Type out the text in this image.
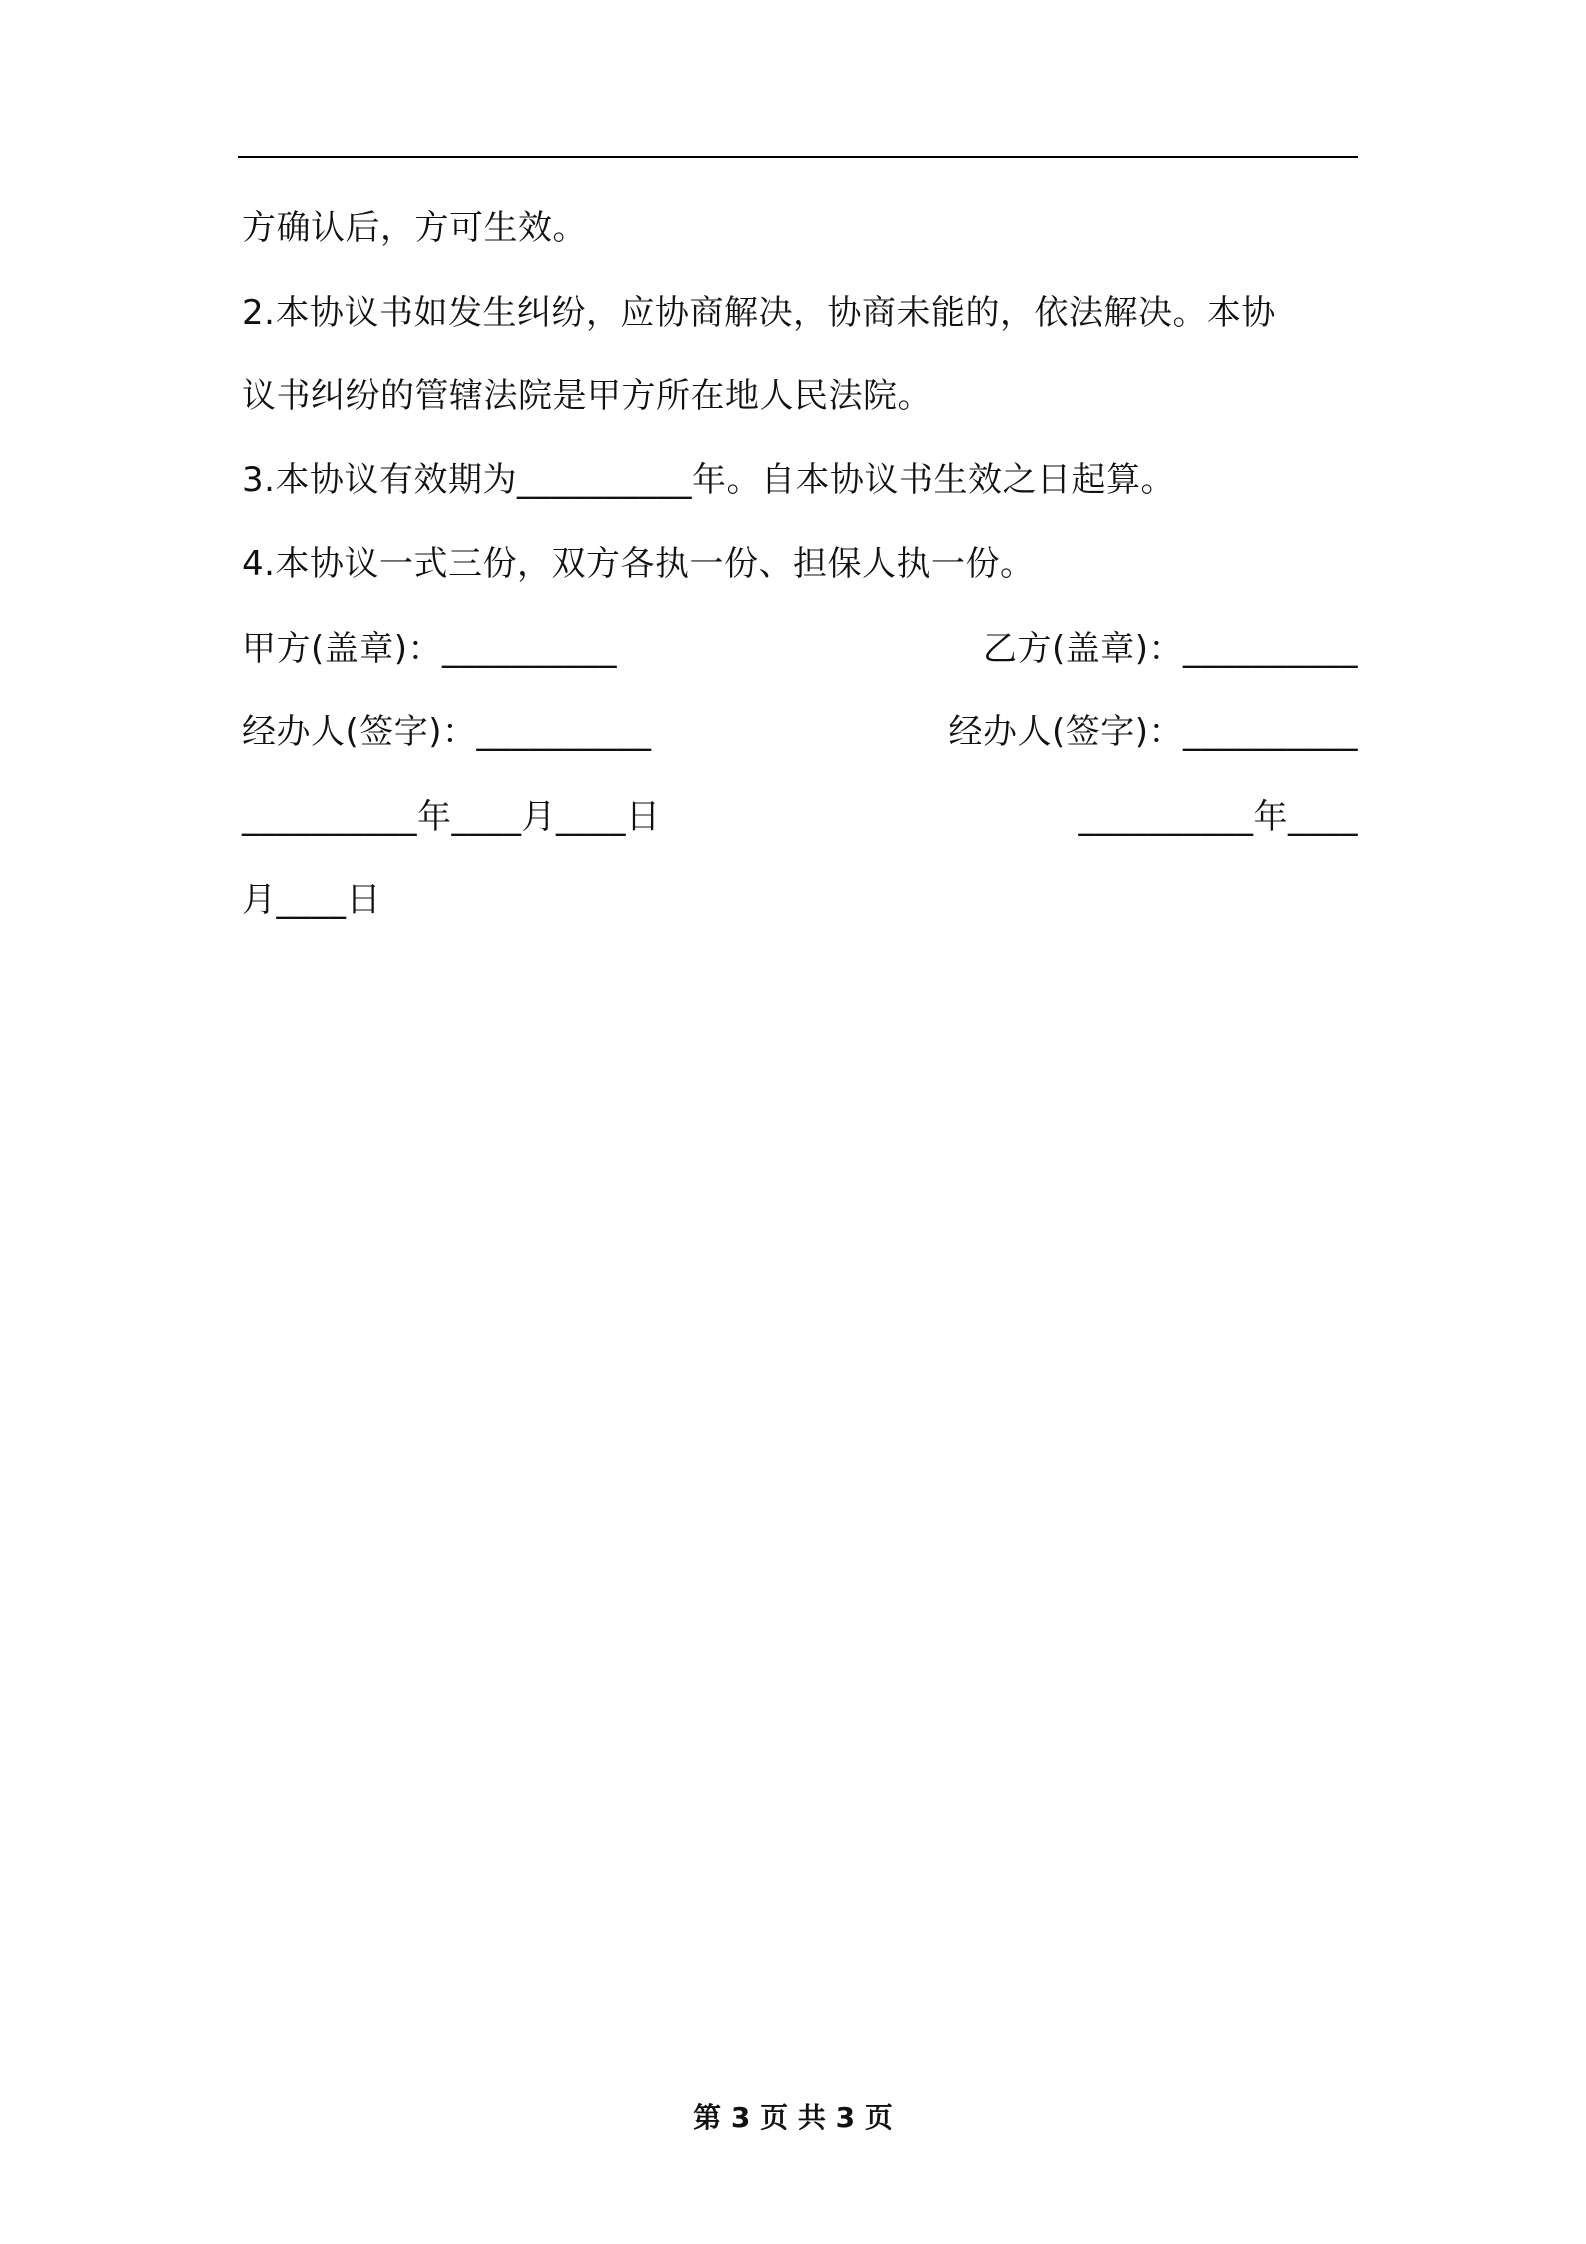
方确认后，方可生效。
2.本协议书如发生纠纷，应协商解决，协商未能的，依法解决。本协
议书纠纷的管辖法院是甲方所在地人民法院。
3.本协议有效期为__________年。自本协议书生效之日起算。
4.本协议一式三份，双方各执一份、担保人执一份。
甲方(盖章)：__________	乙方(盖章)：__________
经办人(签字)：__________	经办人(签字)：__________
__________年____月____日	__________年____
月____日
第 3 页 共 3 页
